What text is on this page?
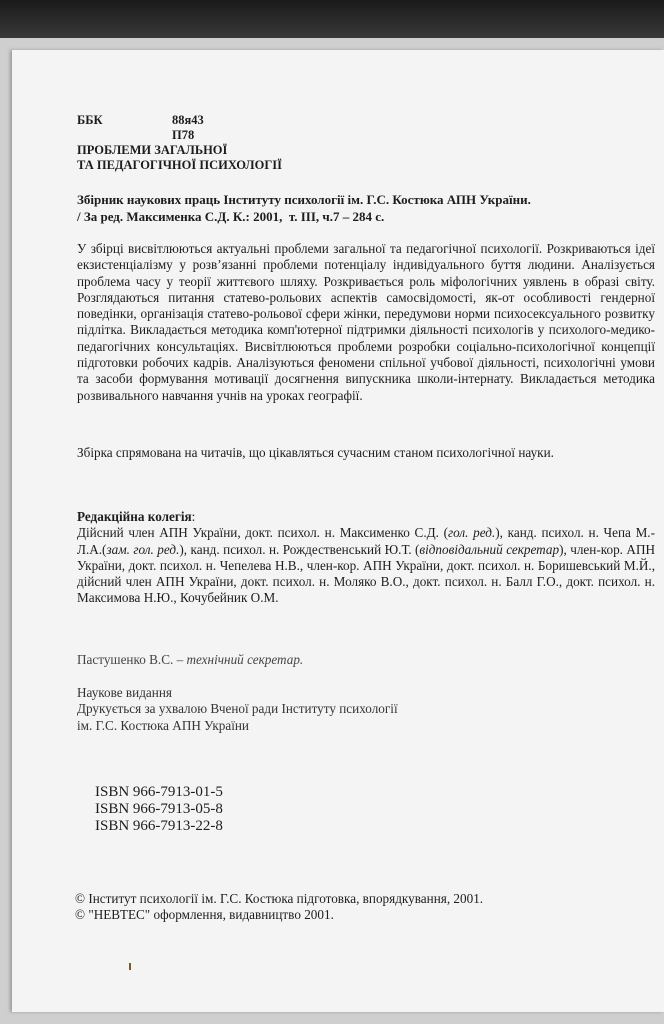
ББК	88я43
П78
ПРОБЛЕМИ ЗАГАЛЬНОЇ
ТА ПЕДАГОГІЧНОЇ ПСИХОЛОГІЇ
Збірник наукових праць Інституту психології ім. Г.С. Костюка АПН України.
/ За ред. Максименка С.Д. К.: 2001,  т. ІІІ, ч.7 – 284 с.
У збірці висвітлюються актуальні проблеми загальної та педагогічної психології. Розкриваються ідеї екзистенціалізму у розв’язанні проблеми потенціалу індивідуального буття людини. Аналізується проблема часу у теорії життєвого шляху. Розкривається роль міфологічних уявлень в образі світу. Розглядаються питання статево-рольових аспектів самосвідомості, як-от особливості гендерної поведінки, організація статево-рольової сфери жінки, передумови норми психосексуального розвитку підлітка. Викладається методика комп'ютерної підтримки діяльності психологів у психолого-медико-педагогічних консультаціях. Висвітлюються проблеми розробки соціально-психологічної концепції підготовки робочих кадрів. Аналізуються феномени спільної учбової діяльності, психологічні умови та засоби формування мотивації досягнення випускника школи-інтернату. Викладається методика розвивального навчання учнів на уроках географії.
Збірка спрямована на читачів, що цікавляться сучасним станом психологічної науки.
Редакційна колегія:
Дійсний член АПН України, докт. психол. н. Максименко С.Д. (гол. ред.), канд. психол. н. Чепа М.-Л.А.(зам. гол. ред.), канд. психол. н. Рождественський Ю.Т. (відповідальний секретар), член-кор. АПН України, докт. психол. н. Чепелева Н.В., член-кор. АПН України, докт. психол. н. Боришевський М.Й., дійсний член АПН України, докт. психол. н. Моляко В.О., докт. психол. н. Балл Г.О., докт. психол. н. Максимова Н.Ю., Кочубейник О.М.
Пастушенко В.С. – технічний секретар.
Наукове видання
Друкується за ухвалою Вченої ради Інституту психології
ім. Г.С. Костюка АПН України
ISBN 966-7913-01-5
ISBN 966-7913-05-8
ISBN 966-7913-22-8
© Інститут психології ім. Г.С. Костюка підготовка, впорядкування, 2001.
© "НЕВТЕС" оформлення, видавництво 2001.
